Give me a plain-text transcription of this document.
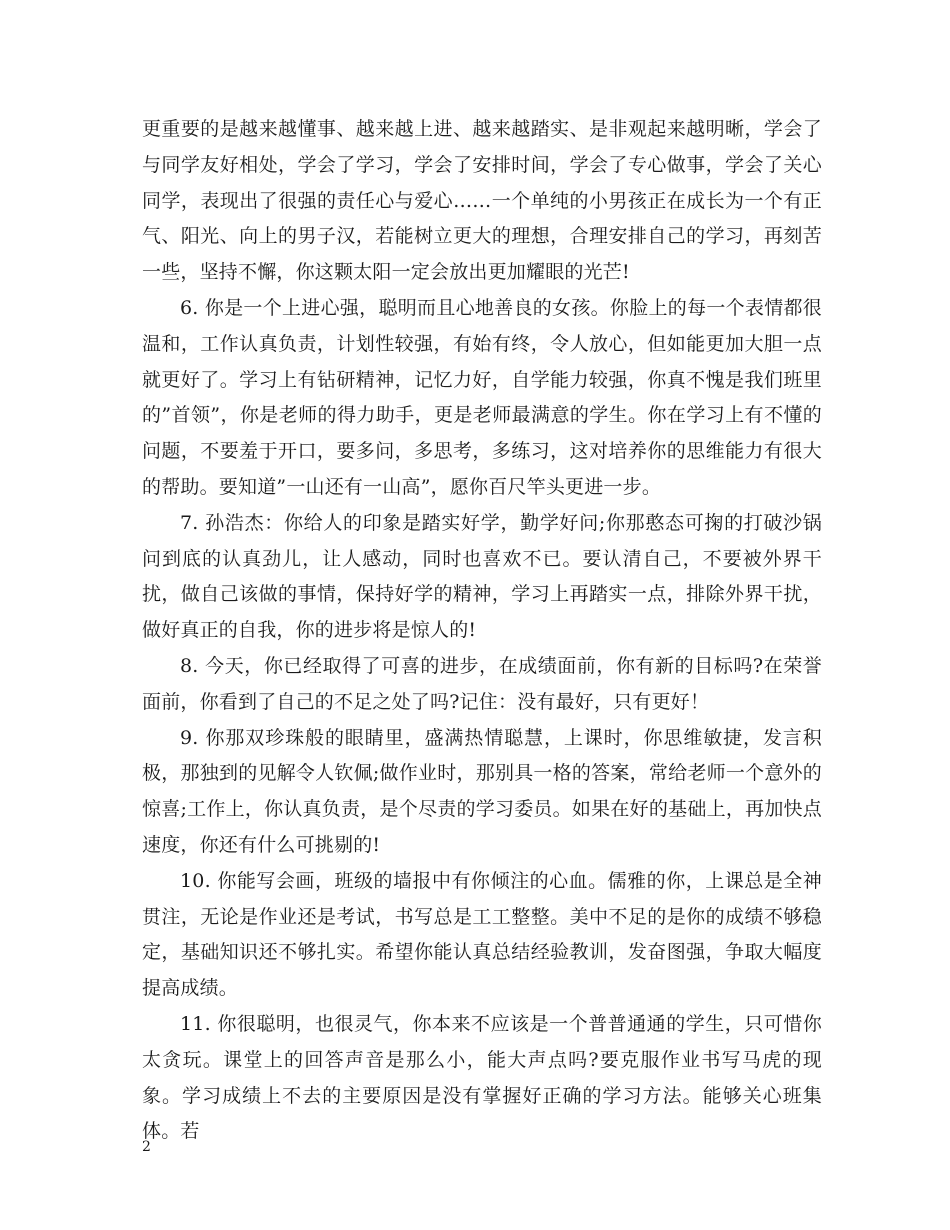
更重要的是越来越懂事、越来越上进、越来越踏实、是非观起来越明晰，学会了与同学友好相处，学会了学习，学会了安排时间，学会了专心做事，学会了关心同学，表现出了很强的责任心与爱心……一个单纯的小男孩正在成长为一个有正气、阳光、向上的男子汉，若能树立更大的理想，合理安排自己的学习，再刻苦一些，坚持不懈，你这颗太阳一定会放出更加耀眼的光芒!

6. 你是一个上进心强，聪明而且心地善良的女孩。你脸上的每一个表情都很温和，工作认真负责，计划性较强，有始有终，令人放心，但如能更加大胆一点就更好了。学习上有钻研精神，记忆力好，自学能力较强，你真不愧是我们班里的”首领”，你是老师的得力助手，更是老师最满意的学生。你在学习上有不懂的问题，不要羞于开口，要多问，多思考，多练习，这对培养你的思维能力有很大的帮助。要知道”一山还有一山高”，愿你百尺竿头更进一步。

7. 孙浩杰：你给人的印象是踏实好学，勤学好问;你那憨态可掬的打破沙锅问到底的认真劲儿，让人感动，同时也喜欢不已。要认清自己，不要被外界干扰，做自己该做的事情，保持好学的精神，学习上再踏实一点，排除外界干扰，做好真正的自我，你的进步将是惊人的!

8. 今天，你已经取得了可喜的进步，在成绩面前，你有新的目标吗?在荣誉面前，你看到了自己的不足之处了吗?记住：没有最好，只有更好！

9. 你那双珍珠般的眼睛里，盛满热情聪慧，上课时，你思维敏捷，发言积极，那独到的见解令人钦佩;做作业时，那别具一格的答案，常给老师一个意外的惊喜;工作上，你认真负责，是个尽责的学习委员。如果在好的基础上，再加快点速度，你还有什么可挑剔的!

10. 你能写会画，班级的墙报中有你倾注的心血。儒雅的你，上课总是全神贯注，无论是作业还是考试，书写总是工工整整。美中不足的是你的成绩不够稳定，基础知识还不够扎实。希望你能认真总结经验教训，发奋图强，争取大幅度提高成绩。

11. 你很聪明，也很灵气，你本来不应该是一个普普通通的学生，只可惜你太贪玩。课堂上的回答声音是那么小，能大声点吗?要克服作业书写马虎的现象。学习成绩上不去的主要原因是没有掌握好正确的学习方法。能够关心班集体。若

2
